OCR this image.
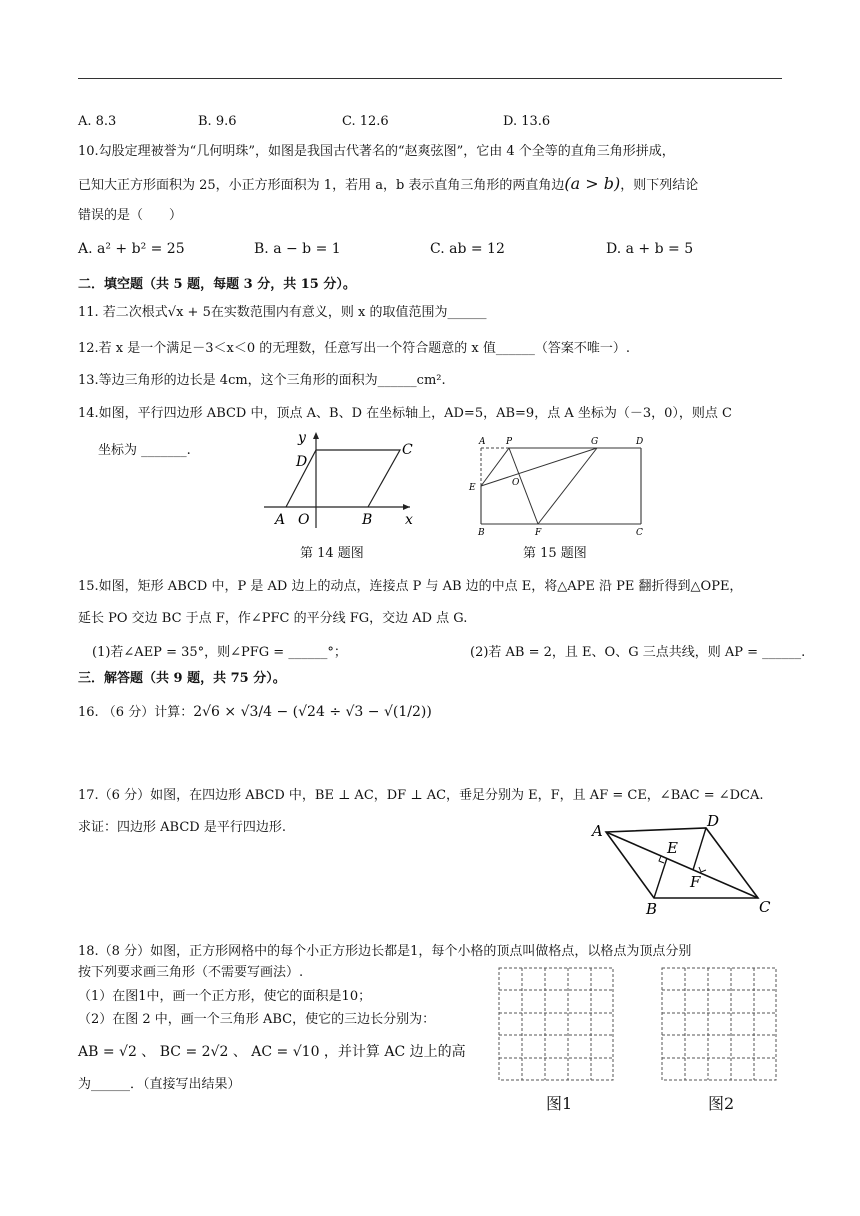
A. 8.3	B. 9.6	C. 12.6	D. 13.6
10.勾股定理被誉为“几何明珠”，如图是我国古代著名的“赵爽弦图”，它由 4 个全等的直角三角形拼成，
已知大正方形面积为 25，小正方形面积为 1，若用 a，b 表示直角三角形的两直角边(a > b)，则下列结论
错误的是（　　）
A. a² + b² = 25	B. a − b = 1	C. ab = 12	D. a + b = 5
二．填空题（共 5 题，每题 3 分，共 15 分）。
11. 若二次根式√x + 5在实数范围内有意义，则 x 的取值范围为______
12.若 x 是一个满足－3＜x＜0 的无理数，任意写出一个符合题意的 x 值______（答案不唯一）.
13.等边三角形的边长是 4cm，这个三角形的面积为______cm².
14.如图，平行四边形 ABCD 中，顶点 A、B、D 在坐标轴上，AD=5，AB=9，点 A 坐标为（－3，0），则点 C
坐标为 _______.
y
x
A O	B
C
D
第 14 题图
A P	G	D
E	O
B	F	C
第 15 题图
15.如图，矩形 ABCD 中，P 是 AD 边上的动点，连接点 P 与 AB 边的中点 E，将△APE 沿 PE 翻折得到△OPE，
延长 PO 交边 BC 于点 F，作∠PFC 的平分线 FG，交边 AD 点 G.
(1)若∠AEP = 35°，则∠PFG = ______°；	(2)若 AB = 2，且 E、O、G 三点共线，则 AP = ______.
三．解答题（共 9 题，共 75 分）。
16. （6 分）计算：2√6 × √3/4 − (√24 ÷ √3 − √(1/2))
17.（6 分）如图，在四边形 ABCD 中，BE ⊥ AC，DF ⊥ AC，垂足分别为 E，F，且 AF = CE，∠BAC = ∠DCA.
求证：四边形 ABCD 是平行四边形.	A
D
E
F
B	C
18.（8 分）如图，正方形网格中的每个小正方形边长都是1，每个小格的顶点叫做格点，以格点为顶点分别
按下列要求画三角形（不需要写画法）.
（1）在图1中，画一个正方形，使它的面积是10；
（2）在图 2 中，画一个三角形 ABC，使它的三边长分别为：
AB = √2 、 BC = 2√2 、 AC = √10 ，并计算 AC 边上的高
为______．（直接写出结果）
图1	图2
